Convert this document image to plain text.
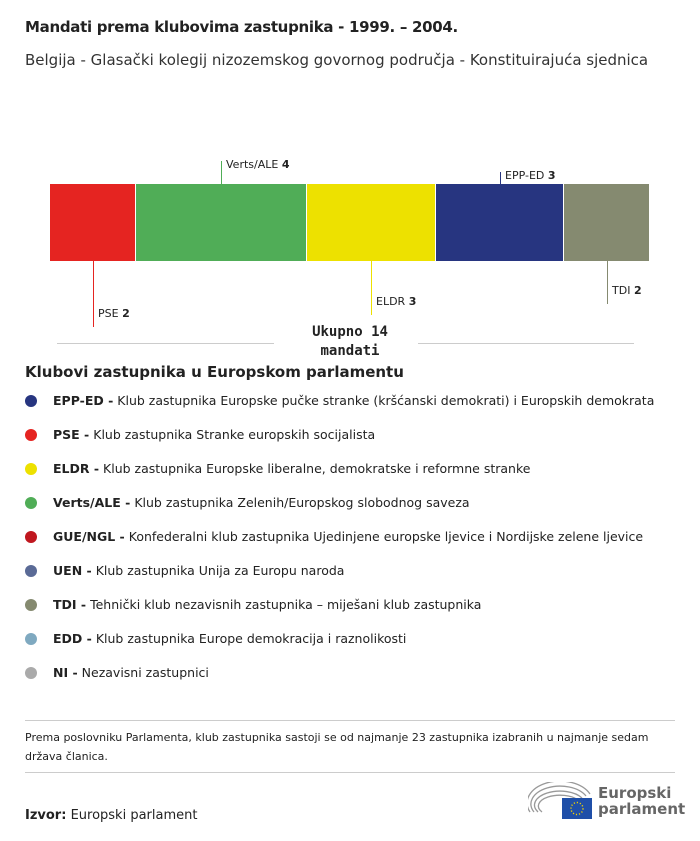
Mandati prema klubovima zastupnika - 1999. – 2004.
Belgija - Glasački kolegij nizozemskog govornog područja - Konstituirajuća sjednica
PSE 2
Verts/ALE 4
ELDR 3
EPP-ED 3
TDI 2
Ukupno 14
mandati
Klubovi zastupnika u Europskom parlamentu
EPP-ED - Klub zastupnika Europske pučke stranke (kršćanski demokrati) i Europskih demokrata
PSE - Klub zastupnika Stranke europskih socijalista
ELDR - Klub zastupnika Europske liberalne, demokratske i reformne stranke
Verts/ALE - Klub zastupnika Zelenih/Europskog slobodnog saveza
GUE/NGL - Konfederalni klub zastupnika Ujedinjene europske ljevice i Nordijske zelene ljevice
UEN - Klub zastupnika Unija za Europu naroda
TDI - Tehnički klub nezavisnih zastupnika – miješani klub zastupnika
EDD - Klub zastupnika Europe demokracija i raznolikosti
NI - Nezavisni zastupnici
Prema poslovniku Parlamenta, klub zastupnika sastoji se od najmanje 23 zastupnika izabranih u najmanje sedam država članica.
Izvor: Europski parlament
Europski
parlament
